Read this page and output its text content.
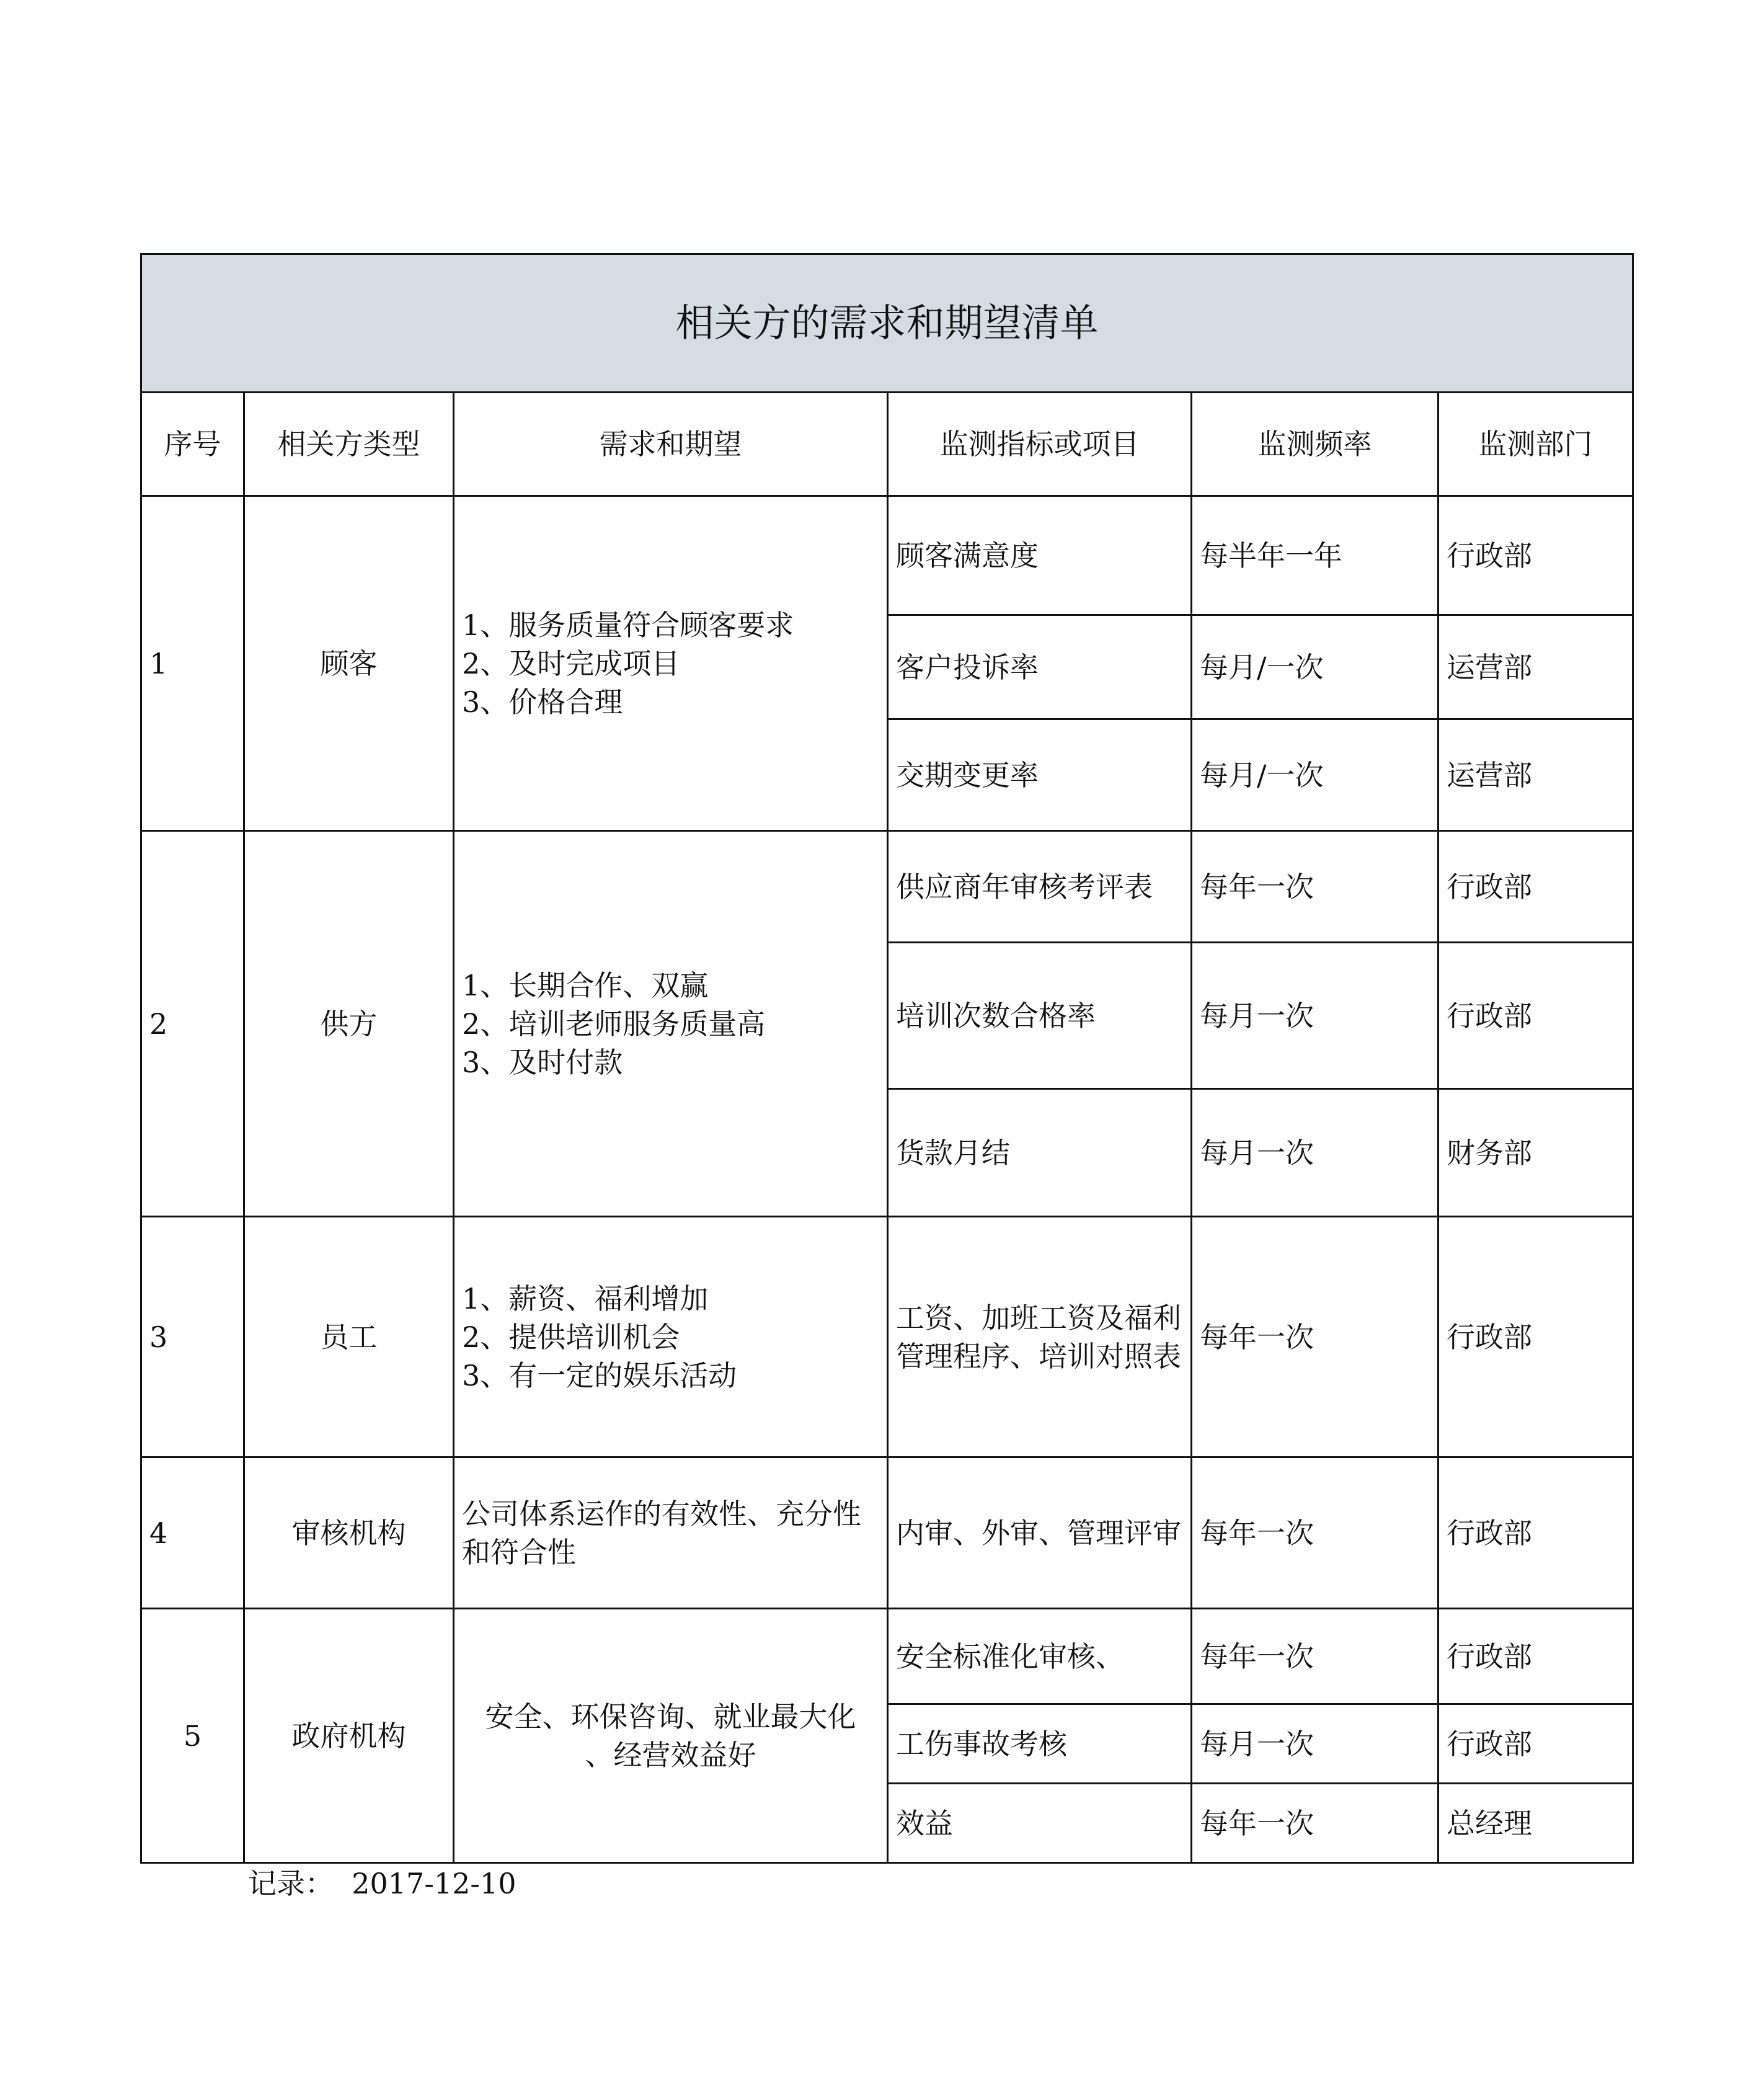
相关方的需求和期望清单					
序号	相关方类型	需求和期望	监测指标或项目	监测频率	监测部门
1	顾客	1、服务质量符合顾客要求
2、及时完成项目
3、价格合理	顾客满意度	每半年一年	行政部
			客户投诉率	每月/一次	运营部
			交期变更率	每月/一次	运营部
2	供方	1、长期合作、双赢
2、培训老师服务质量高
3、及时付款	供应商年审核考评表	每年一次	行政部
			培训次数合格率	每月一次	行政部
			货款月结	每月一次	财务部
3	员工	1、薪资、福利增加
2、提供培训机会
3、有一定的娱乐活动	工资、加班工资及福利管理程序、培训对照表	每年一次	行政部
4	审核机构	公司体系运作的有效性、充分性和符合性	内审、外审、管理评审	每年一次	行政部
5	政府机构	安全、环保咨询、就业最大化
、经营效益好	安全标准化审核、	每年一次	行政部
			工伤事故考核	每月一次	行政部
			效益	每年一次	总经理
记录： 2017-12-10
